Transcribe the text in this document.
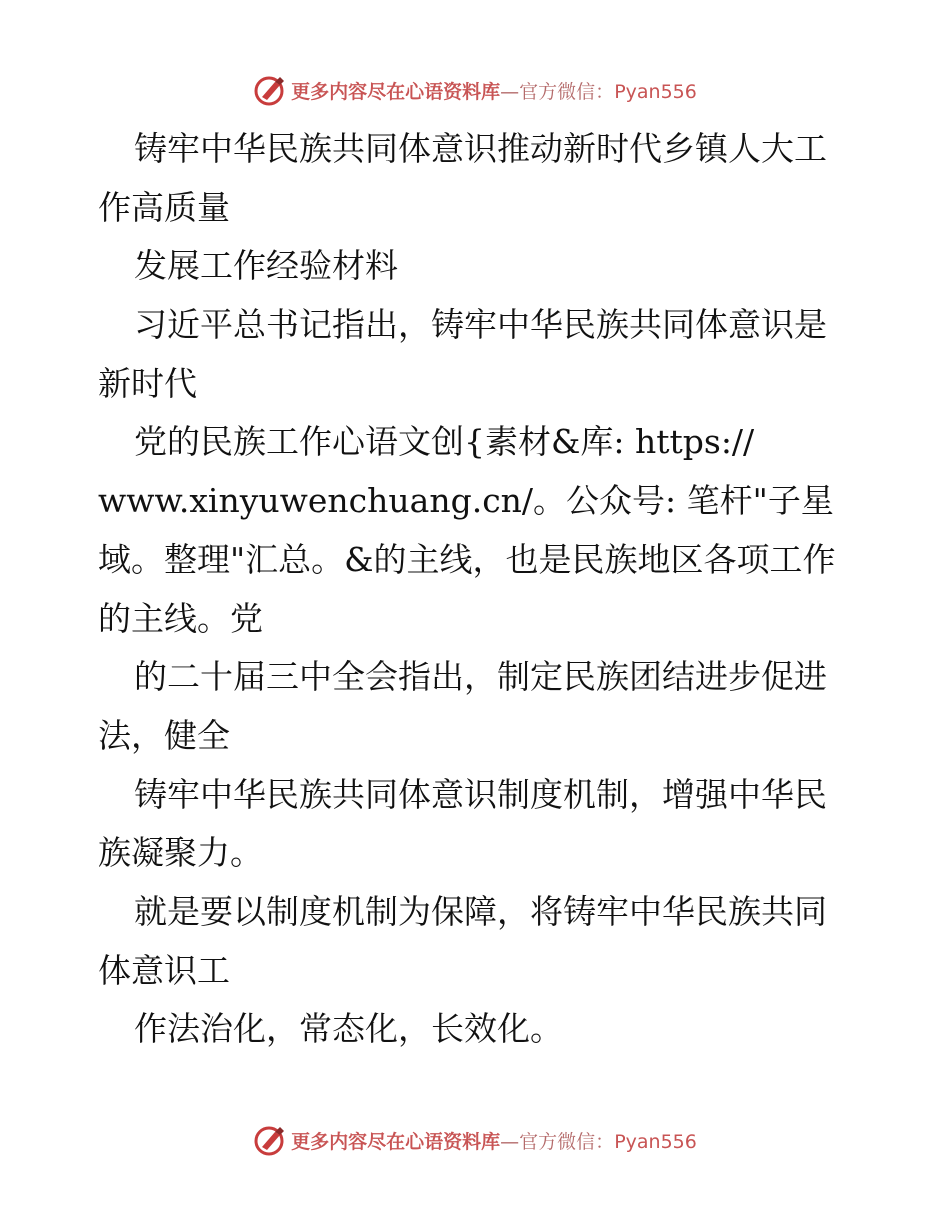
更多内容尽在心语资料库—官方微信：Pyan556
铸牢中华民族共同体意识推动新时代乡镇人大工
作高质量
发展工作经验材料
习近平总书记指出，铸牢中华民族共同体意识是
新时代
党的民族工作心语文创{素材&库: https://
www.xinyuwenchuang.cn/。公众号: 笔杆"子星
域。整理"汇总。&的主线，也是民族地区各项工作
的主线。党
的二十届三中全会指出，制定民族团结进步促进
法，健全
铸牢中华民族共同体意识制度机制，增强中华民
族凝聚力。
就是要以制度机制为保障，将铸牢中华民族共同
体意识工
作法治化，常态化，长效化。
更多内容尽在心语资料库—官方微信：Pyan556
